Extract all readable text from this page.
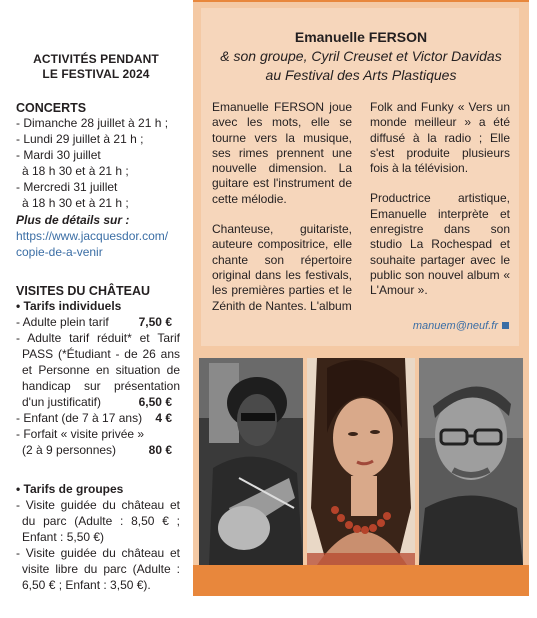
ACTIVITÉS PENDANT
LE FESTIVAL 2024
CONCERTS
- Dimanche 28 juillet à 21 h ;
- Lundi 29 juillet à 21 h ;
- Mardi 30 juillet
à 18 h 30 et à 21 h ;
- Mercredi 31 juillet
à 18 h 30 et à 21 h ;
Plus de détails sur :
https://www.jacquesdor.com/
copie-de-a-venir
VISITES DU CHÂTEAU
• Tarifs individuels
- Adulte plein tarif 7,50 €
- Adulte tarif réduit* et Tarif
PASS (*Étudiant - de 26 ans
et Personne en situation de
handicap sur présentation
d'un justificatif)	6,50 €
- Enfant (de 7 à 17 ans) 4 €
- Forfait « visite privée »
(2 à 9 personnes)	80 €
• Tarifs de groupes
- Visite guidée du château et
du parc (Adulte : 8,50 € ;
Enfant : 5,50 €)
- Visite guidée du château et
visite libre du parc (Adulte :
6,50 € ; Enfant : 3,50 €).
Emanuelle FERSON
& son groupe, Cyril Creuset et Victor Davidas
au Festival des Arts Plastiques

Emanuelle FERSON joue avec les mots, elle se tourne vers la musique, ses rimes prennent une nouvelle dimension. La guitare est l'instrument de cette mélodie.

Chanteuse, guitariste, auteure compositrice, elle chante son répertoire original dans les festivals, les premières parties et le Zénith de Nantes. L'album

Folk and Funky « Vers un monde meilleur » a été diffusé à la radio ; Elle s'est produite plusieurs fois à la télévision.

Productrice artistique, Emanuelle interprète et enregistre dans son studio La Rochespad et souhaite partager avec le public son nouvel album « L'Amour ».

manuem@neuf.fr
